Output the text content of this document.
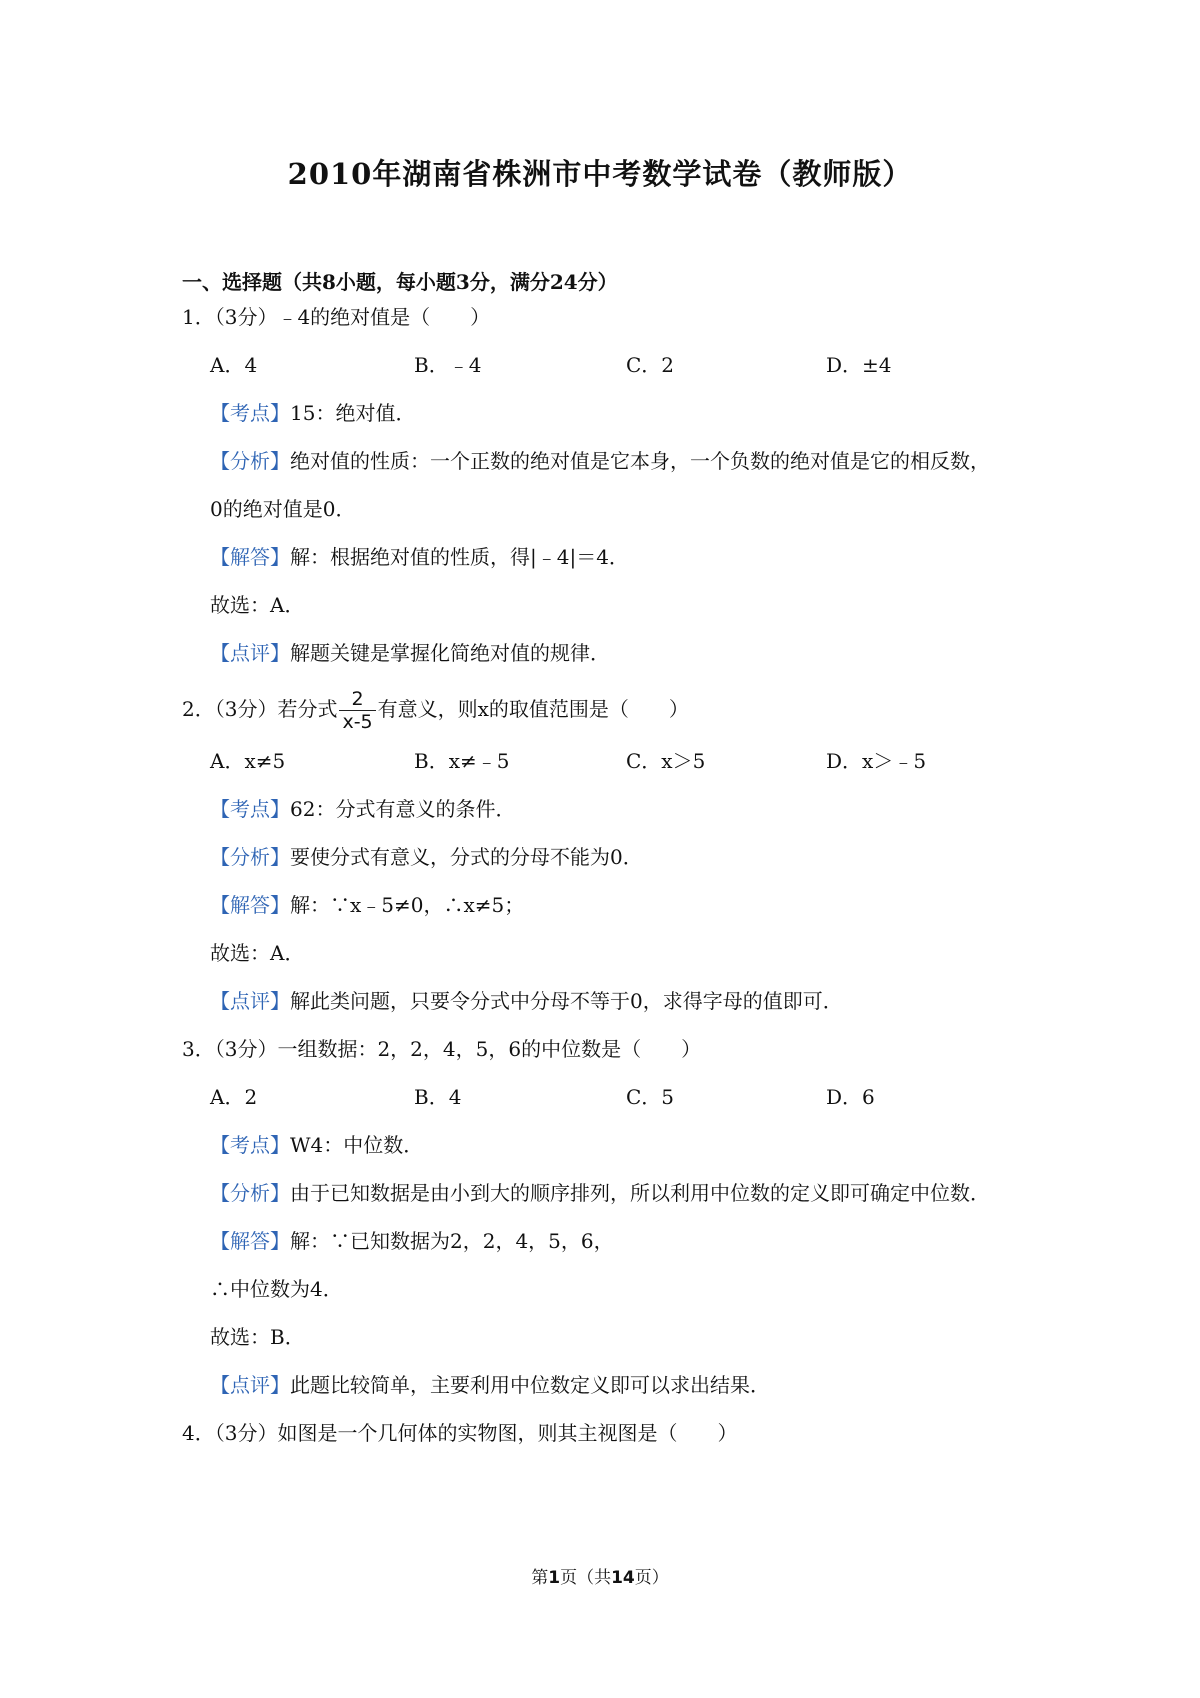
2010年湖南省株洲市中考数学试卷（教师版）
一、选择题（共8小题，每小题3分，满分24分）
1．（3分）﹣4的绝对值是（　　）
A．4	B．﹣4	C．2	D．±4
【考点】15：绝对值．
【分析】绝对值的性质：一个正数的绝对值是它本身，一个负数的绝对值是它的相反数，
0的绝对值是0．
【解答】解：根据绝对值的性质，得|﹣4|＝4．
故选：A．
【点评】解题关键是掌握化简绝对值的规律．
2．（3分）若分式 $\frac{2}{x-5}$ 有意义，则x的取值范围是（　　）
A．x≠5	B．x≠﹣5	C．x＞5	D．x＞﹣5
【考点】62：分式有意义的条件．
【分析】要使分式有意义，分式的分母不能为0．
【解答】解：∵x﹣5≠0，∴x≠5；
故选：A．
【点评】解此类问题，只要令分式中分母不等于0，求得字母的值即可．
3．（3分）一组数据：2，2，4，5，6的中位数是（　　）
A．2	B．4	C．5	D．6
【考点】W4：中位数．
【分析】由于已知数据是由小到大的顺序排列，所以利用中位数的定义即可确定中位数．
【解答】解：∵已知数据为2，2，4，5，6，
∴中位数为4．
故选：B．
【点评】此题比较简单，主要利用中位数定义即可以求出结果．
4．（3分）如图是一个几何体的实物图，则其主视图是（　　）
第1页（共14页）
